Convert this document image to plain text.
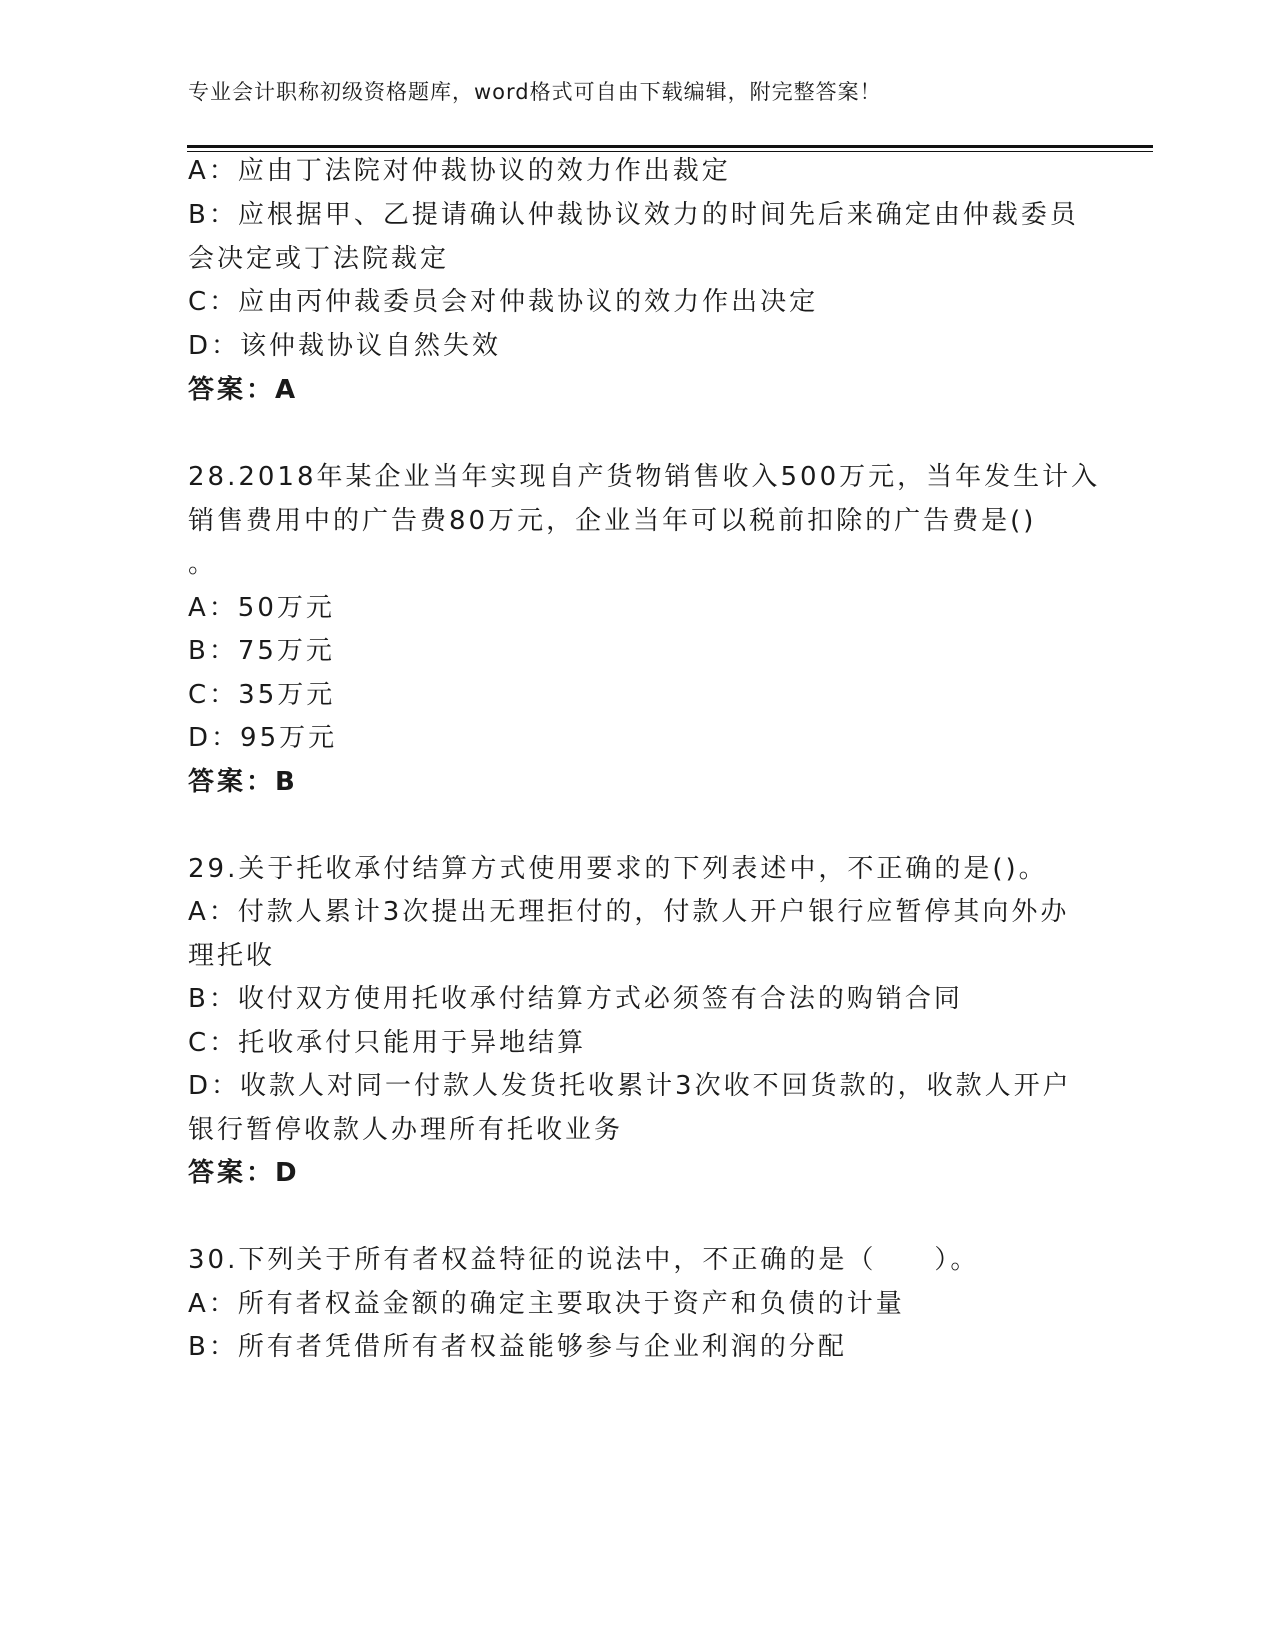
专业会计职称初级资格题库，word格式可自由下载编辑，附完整答案！
A：应由丁法院对仲裁协议的效力作出裁定
B：应根据甲、乙提请确认仲裁协议效力的时间先后来确定由仲裁委员
会决定或丁法院裁定
C：应由丙仲裁委员会对仲裁协议的效力作出决定
D：该仲裁协议自然失效
答案：A
28.2018年某企业当年实现自产货物销售收入500万元，当年发生计入
销售费用中的广告费80万元，企业当年可以税前扣除的广告费是()
。
A：50万元
B：75万元
C：35万元
D：95万元
答案：B
29.关于托收承付结算方式使用要求的下列表述中，不正确的是()。
A：付款人累计3次提出无理拒付的，付款人开户银行应暂停其向外办
理托收
B：收付双方使用托收承付结算方式必须签有合法的购销合同
C：托收承付只能用于异地结算
D：收款人对同一付款人发货托收累计3次收不回货款的，收款人开户
银行暂停收款人办理所有托收业务
答案：D
30.下列关于所有者权益特征的说法中，不正确的是（　　）。
A：所有者权益金额的确定主要取决于资产和负债的计量
B：所有者凭借所有者权益能够参与企业利润的分配
